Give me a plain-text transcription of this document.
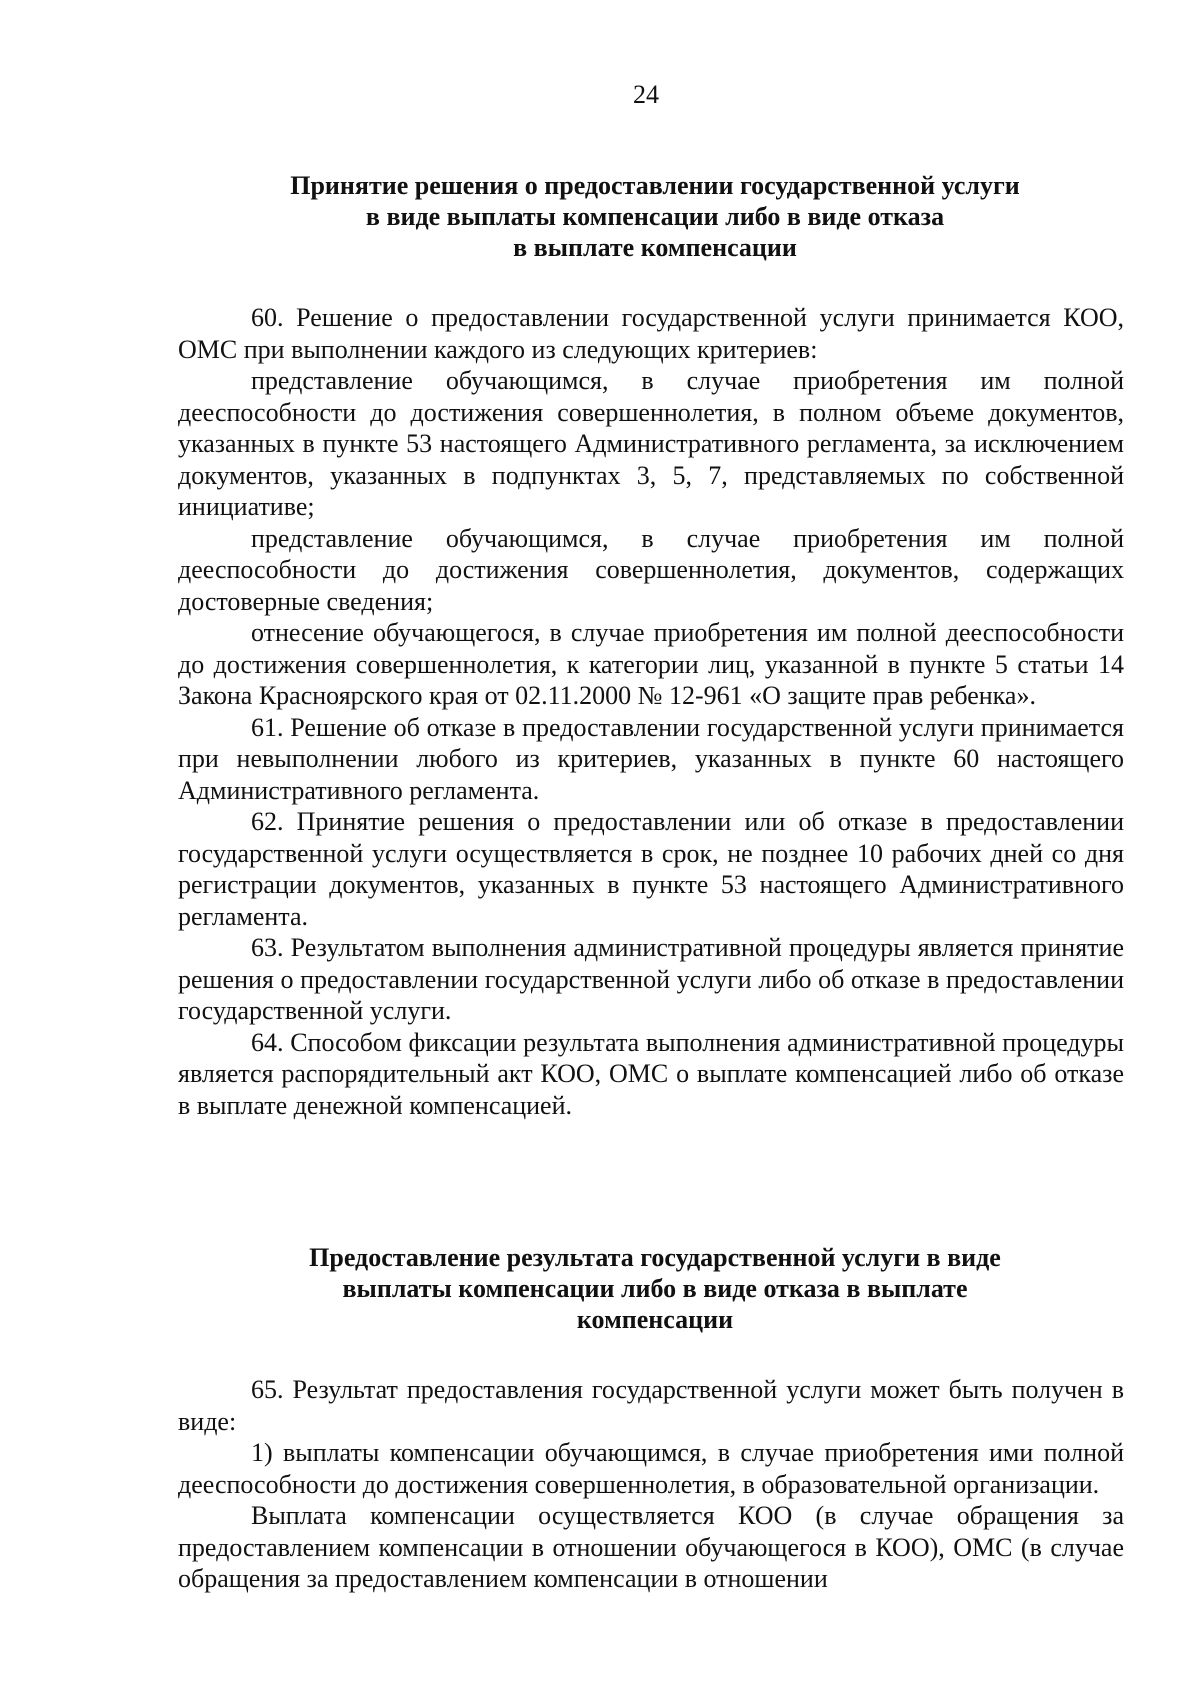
24
Принятие решения о предоставлении государственной услуги
в виде выплаты компенсации либо в виде отказа
в выплате компенсации

60. Решение о предоставлении государственной услуги принимается КОО, ОМС при выполнении каждого из следующих критериев:

представление обучающимся, в случае приобретения им полной дееспособности до достижения совершеннолетия, в полном объеме документов, указанных в пункте 53 настоящего Административного регламента, за исключением документов, указанных в подпунктах 3, 5, 7, представляемых по собственной инициативе;

представление обучающимся, в случае приобретения им полной дееспособности до достижения совершеннолетия, документов, содержащих достоверные сведения;

отнесение обучающегося, в случае приобретения им полной дееспособности до достижения совершеннолетия, к категории лиц, указанной в пункте 5 статьи 14 Закона Красноярского края от 02.11.2000 № 12-961 «О защите прав ребенка».

61. Решение об отказе в предоставлении государственной услуги принимается при невыполнении любого из критериев, указанных в пункте 60 настоящего Административного регламента.

62. Принятие решения о предоставлении или об отказе в предоставлении государственной услуги осуществляется в срок, не позднее 10 рабочих дней со дня регистрации документов, указанных в пункте 53 настоящего Административного регламента.

63. Результатом выполнения административной процедуры является принятие решения о предоставлении государственной услуги либо об отказе в предоставлении государственной услуги.

64. Способом фиксации результата выполнения административной процедуры является распорядительный акт КОО, ОМС о выплате компенсацией либо об отказе в выплате денежной компенсацией.

Предоставление результата государственной услуги в виде
выплаты компенсации либо в виде отказа в выплате
компенсации

65. Результат предоставления государственной услуги может быть получен в виде:

1) выплаты компенсации обучающимся, в случае приобретения ими полной дееспособности до достижения совершеннолетия, в образовательной организации.

Выплата компенсации осуществляется КОО (в случае обращения за предоставлением компенсации в отношении обучающегося в КОО), ОМС (в случае обращения за предоставлением компенсации в отношении
